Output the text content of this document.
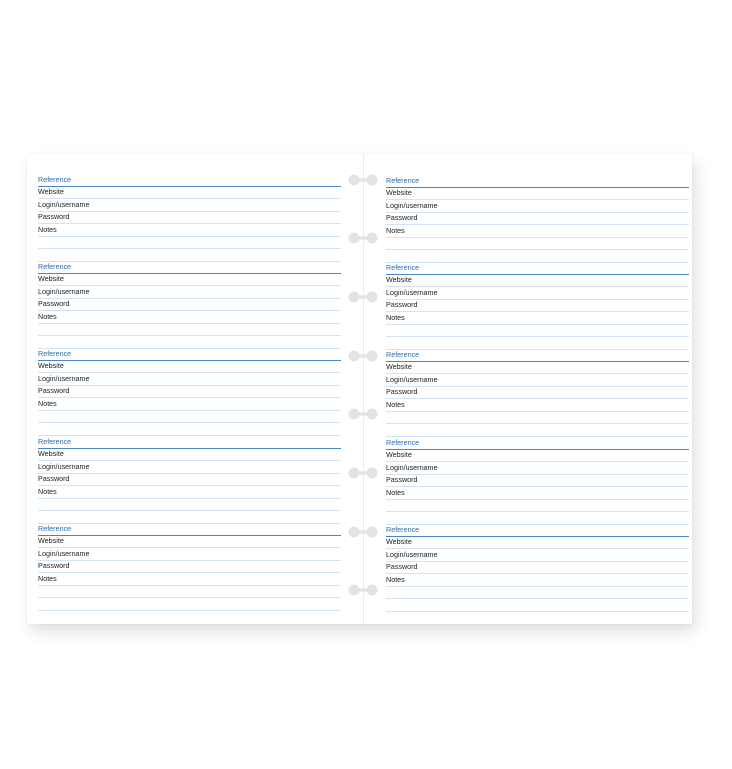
Reference
Website
Login/username
Password
Notes
Reference
Website
Login/username
Password
Notes
Reference
Website
Login/username
Password
Notes
Reference
Website
Login/username
Password
Notes
Reference
Website
Login/username
Password
Notes
Reference
Website
Login/username
Password
Notes
Reference
Website
Login/username
Password
Notes
Reference
Website
Login/username
Password
Notes
Reference
Website
Login/username
Password
Notes
Reference
Website
Login/username
Password
Notes
